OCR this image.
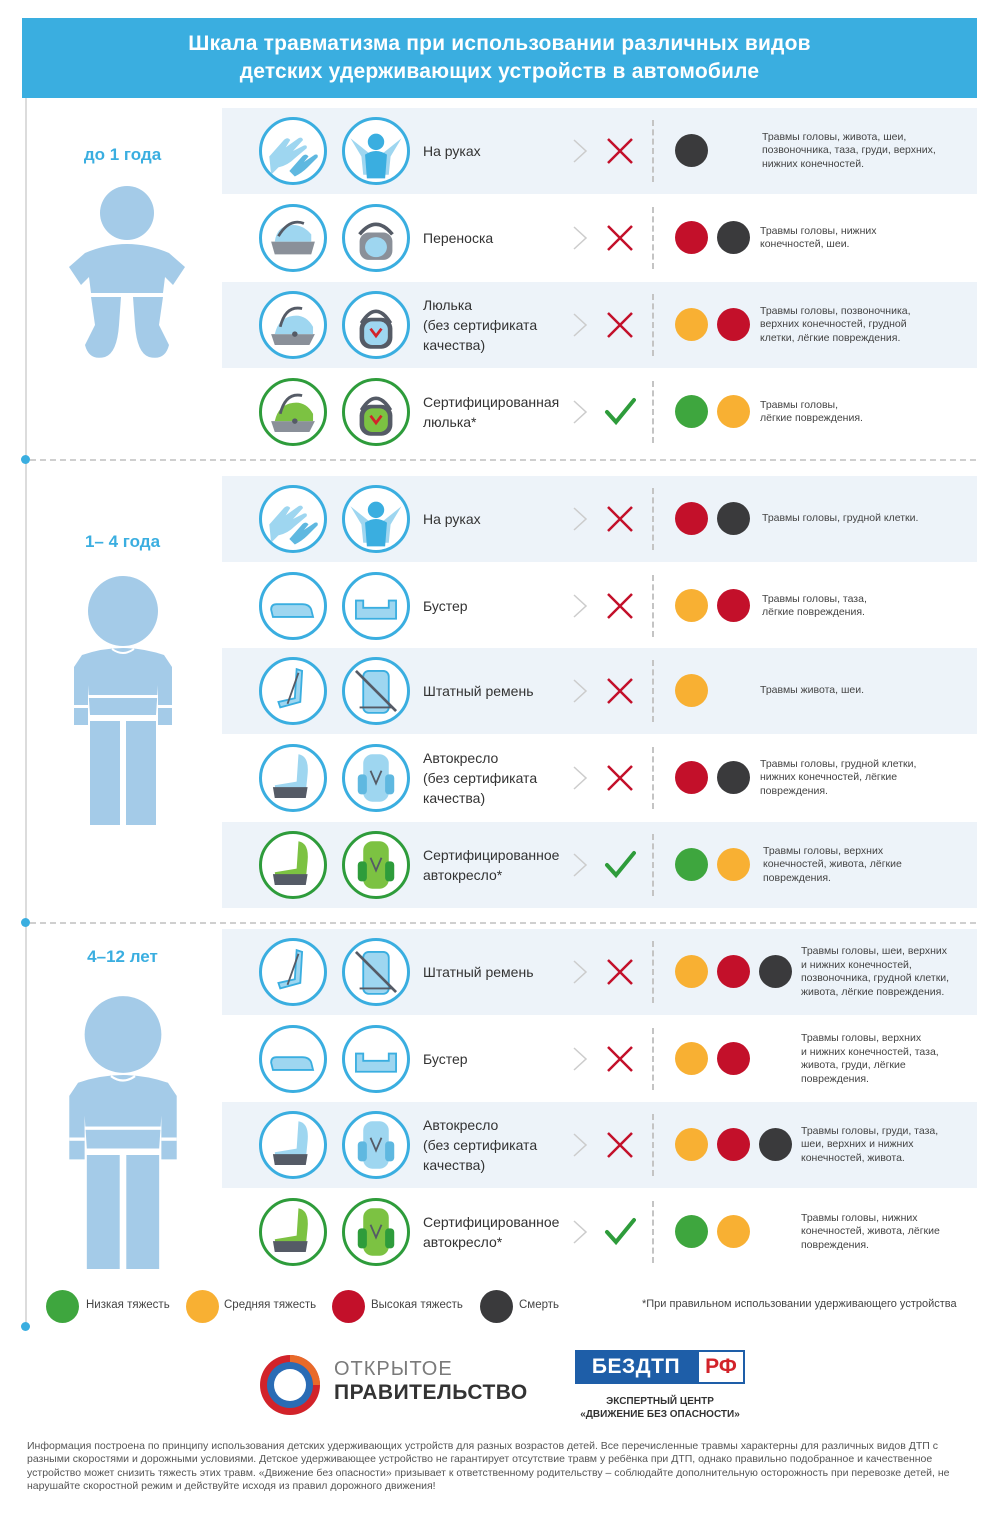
Шкала травматизма при использовании различных видов
детских удерживающих устройств в автомобиле
до 1 года	На руках
Травмы головы, живота, шеи,
позвоночника, таза, груди, верхних,
нижних конечностей.
Переноска	Травмы головы, нижних
конечностей, шеи.
Люлька
(без сертификата
качества)
Травмы головы, позвоночника,
верхних конечностей, грудной
клетки, лёгкие повреждения.
Сертифицированная
люлька*
Травмы головы,
лёгкие повреждения.
1– 4 года
На руках	Травмы головы, грудной клетки.
Бустер	Травмы головы, таза,
лёгкие повреждения.
Штатный ремень	Травмы живота, шеи.
Автокресло
(без сертификата
качества)
Травмы головы, грудной клетки,
нижних конечностей, лёгкие
повреждения.
Сертифицированное
автокресло*
Травмы головы, верхних
конечностей, живота, лёгкие
повреждения.
4–12 лет
Штатный ремень
Травмы головы, шеи, верхних
и нижних конечностей,
позвоночника, грудной клетки,
живота, лёгкие повреждения.
Бустер
Травмы головы, верхних
и нижних конечностей, таза,
живота, груди, лёгкие
повреждения.
Автокресло
(без сертификата
качества)
Травмы головы, груди, таза,
шеи, верхних и нижних
конечностей, живота.
Сертифицированное
автокресло*
Травмы головы, нижних
конечностей, живота, лёгкие
повреждения.
*При правильном использовании удерживающего устройства
ОТКРЫТОЕ
ПРАВИТЕЛЬСТВО
БЕЗДТП	РФ
ЭКСПЕРТНЫЙ ЦЕНТР
«ДВИЖЕНИЕ БЕЗ ОПАСНОСТИ»
Информация построена по принципу использования детских удерживающих устройств для разных возрастов детей. Все перечисленные травмы характерны для различных видов ДТП с разными скоростями и дорожными условиями. Детское удерживающее устройство не гарантирует отсутствие травм у ребёнка при ДТП, однако правильно подобранное и качественное устройство может снизить тяжесть этих травм. «Движение без опасности» призывает к ответственному родительству – соблюдайте дополнительную осторожность при перевозке детей, не нарушайте скоростной режим и действуйте исходя из правил дорожного движения!
Низкая тяжесть	Средняя тяжесть	Высокая тяжесть	Смерть
